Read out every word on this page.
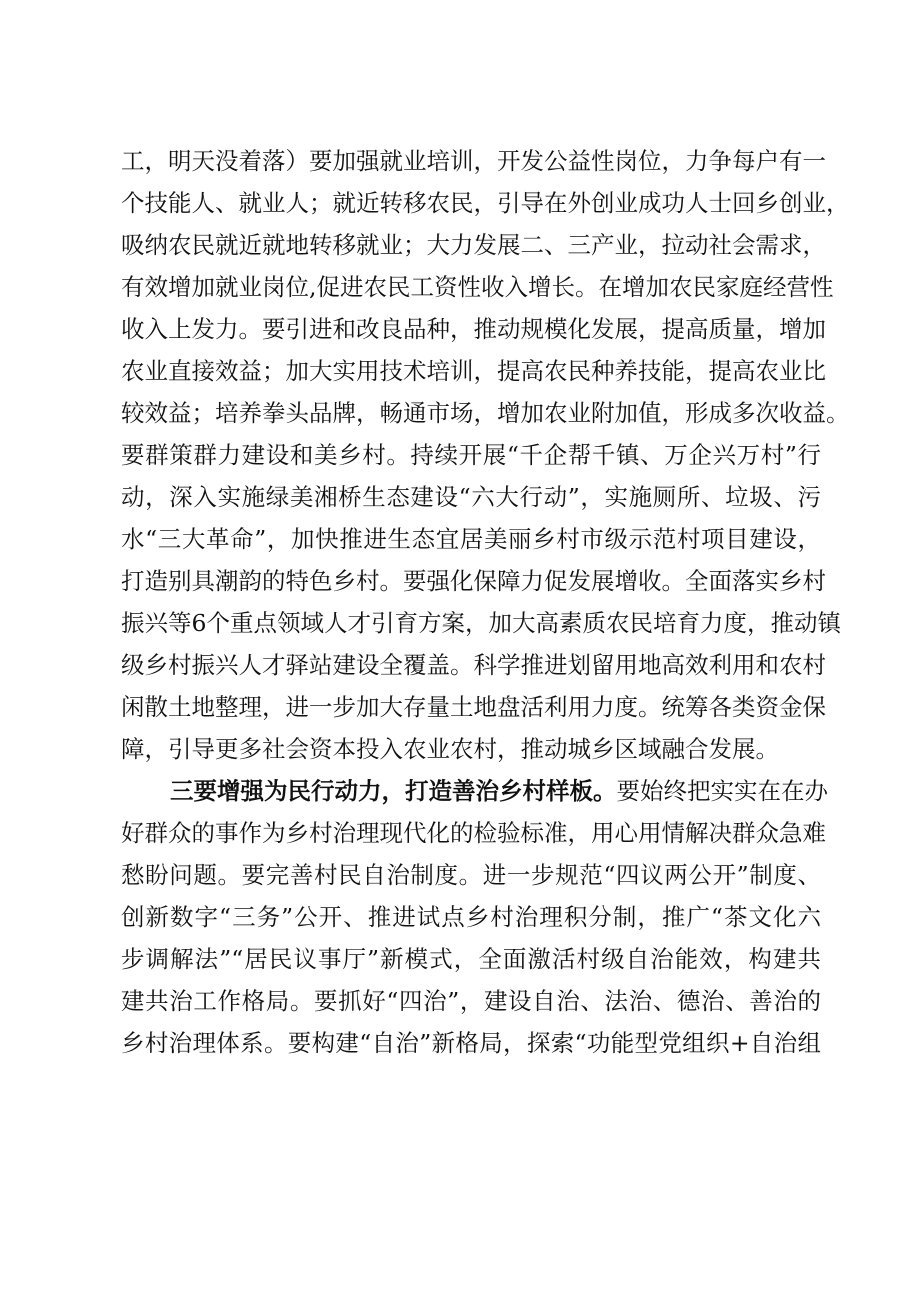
工，明天没着落）要加强就业培训，开发公益性岗位，力争每户有一
个技能人、就业人；就近转移农民，引导在外创业成功人士回乡创业，
吸纳农民就近就地转移就业；大力发展二、三产业，拉动社会需求，
有效增加就业岗位,促进农民工资性收入增长。在增加农民家庭经营性
收入上发力。要引进和改良品种，推动规模化发展，提高质量，增加
农业直接效益；加大实用技术培训，提高农民种养技能，提高农业比
较效益；培养拳头品牌，畅通市场，增加农业附加值，形成多次收益。
要群策群力建设和美乡村。持续开展“千企帮千镇、万企兴万村”行
动，深入实施绿美湘桥生态建设“六大行动”，实施厕所、垃圾、污
水“三大革命”，加快推进生态宜居美丽乡村市级示范村项目建设，
打造别具潮韵的特色乡村。要强化保障力促发展增收。全面落实乡村
振兴等6个重点领域人才引育方案，加大高素质农民培育力度，推动镇
级乡村振兴人才驿站建设全覆盖。科学推进划留用地高效利用和农村
闲散土地整理，进一步加大存量土地盘活利用力度。统筹各类资金保
障，引导更多社会资本投入农业农村，推动城乡区域融合发展。
三要增强为民行动力，打造善治乡村样板。要始终把实实在在办
好群众的事作为乡村治理现代化的检验标准，用心用情解决群众急难
愁盼问题。要完善村民自治制度。进一步规范“四议两公开”制度、
创新数字“三务”公开、推进试点乡村治理积分制，推广“茶文化六
步调解法”“居民议事厅”新模式，全面激活村级自治能效，构建共
建共治工作格局。要抓好“四治”，建设自治、法治、德治、善治的
乡村治理体系。要构建“自治”新格局，探索“功能型党组织+自治组
